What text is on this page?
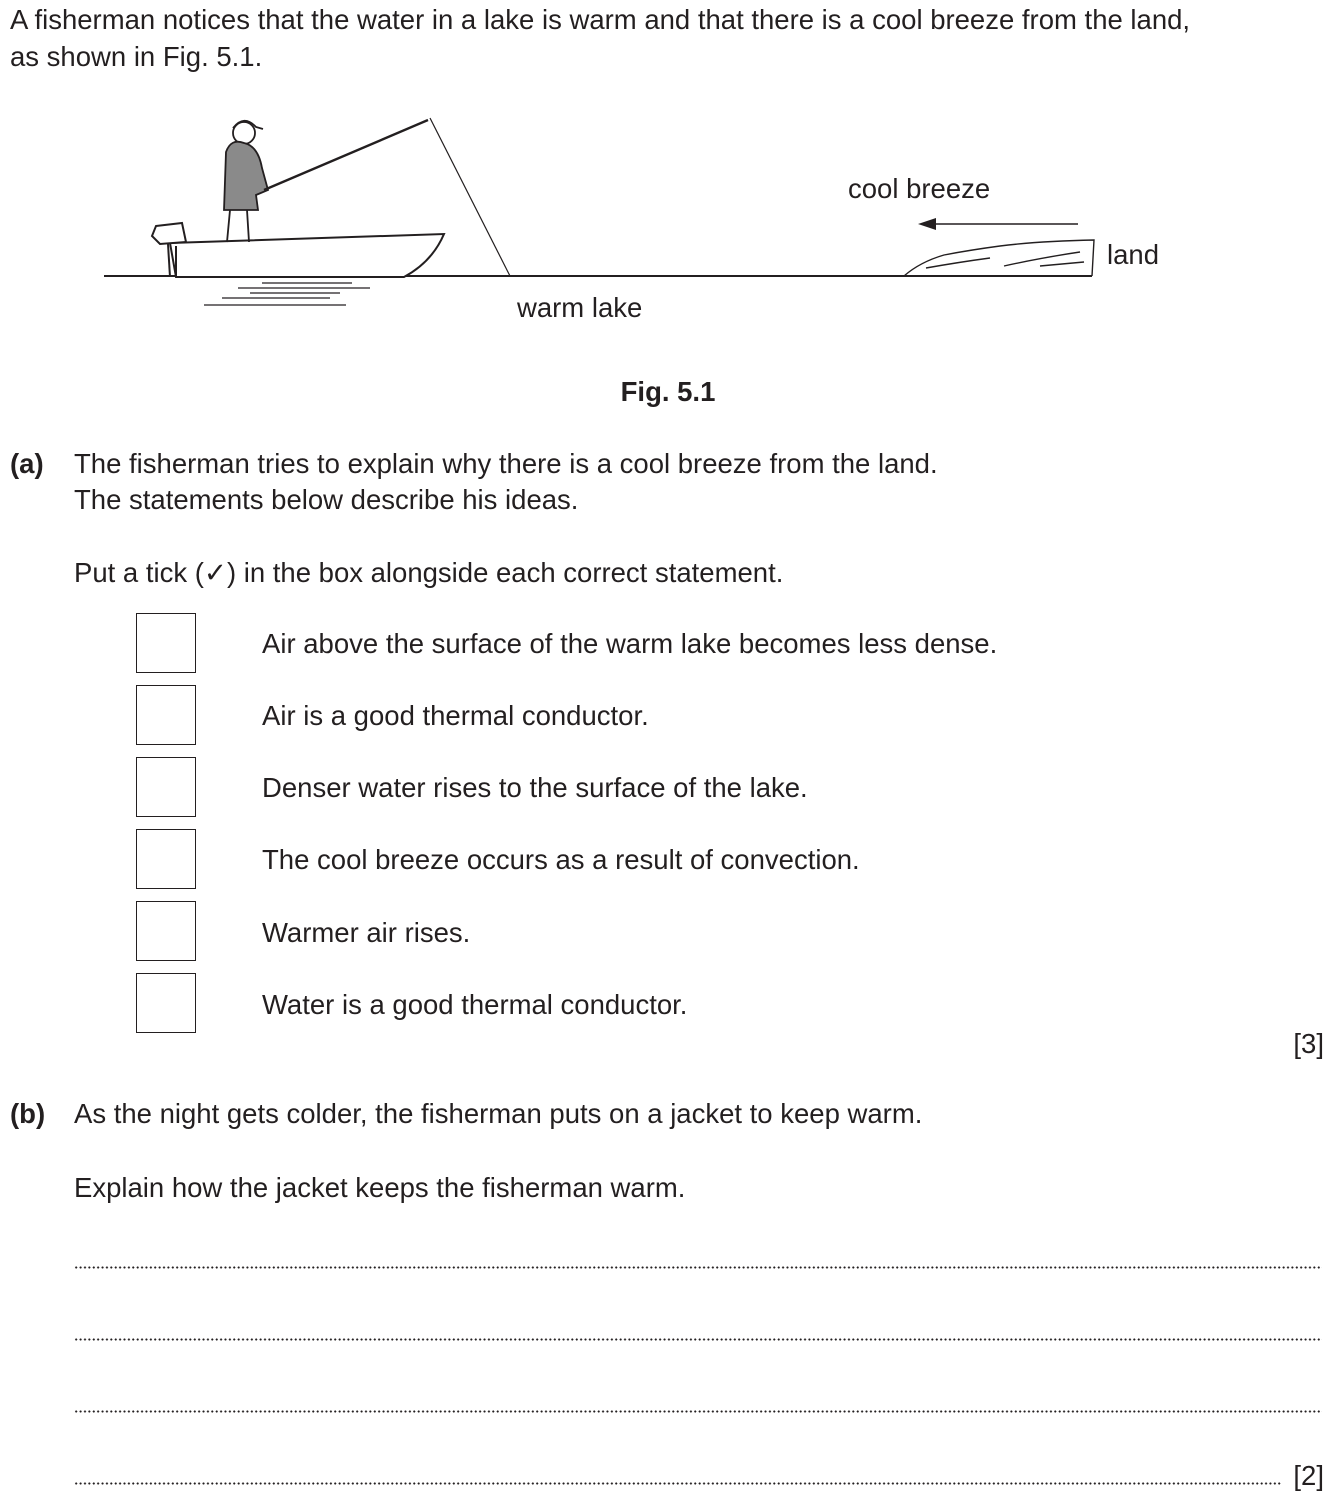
A fisherman notices that the water in a lake is warm and that there is a cool breeze from the land,
as shown in Fig. 5.1.
cool breeze
land
warm lake
Fig. 5.1
(a) The fisherman tries to explain why there is a cool breeze from the land.
The statements below describe his ideas.
Put a tick (✓) in the box alongside each correct statement.
Air above the surface of the warm lake becomes less dense.
Air is a good thermal conductor.
Denser water rises to the surface of the lake.
The cool breeze occurs as a result of convection.
Warmer air rises.
Water is a good thermal conductor.
[3]
(b) As the night gets colder, the fisherman puts on a jacket to keep warm.
Explain how the jacket keeps the fisherman warm.
[2]
